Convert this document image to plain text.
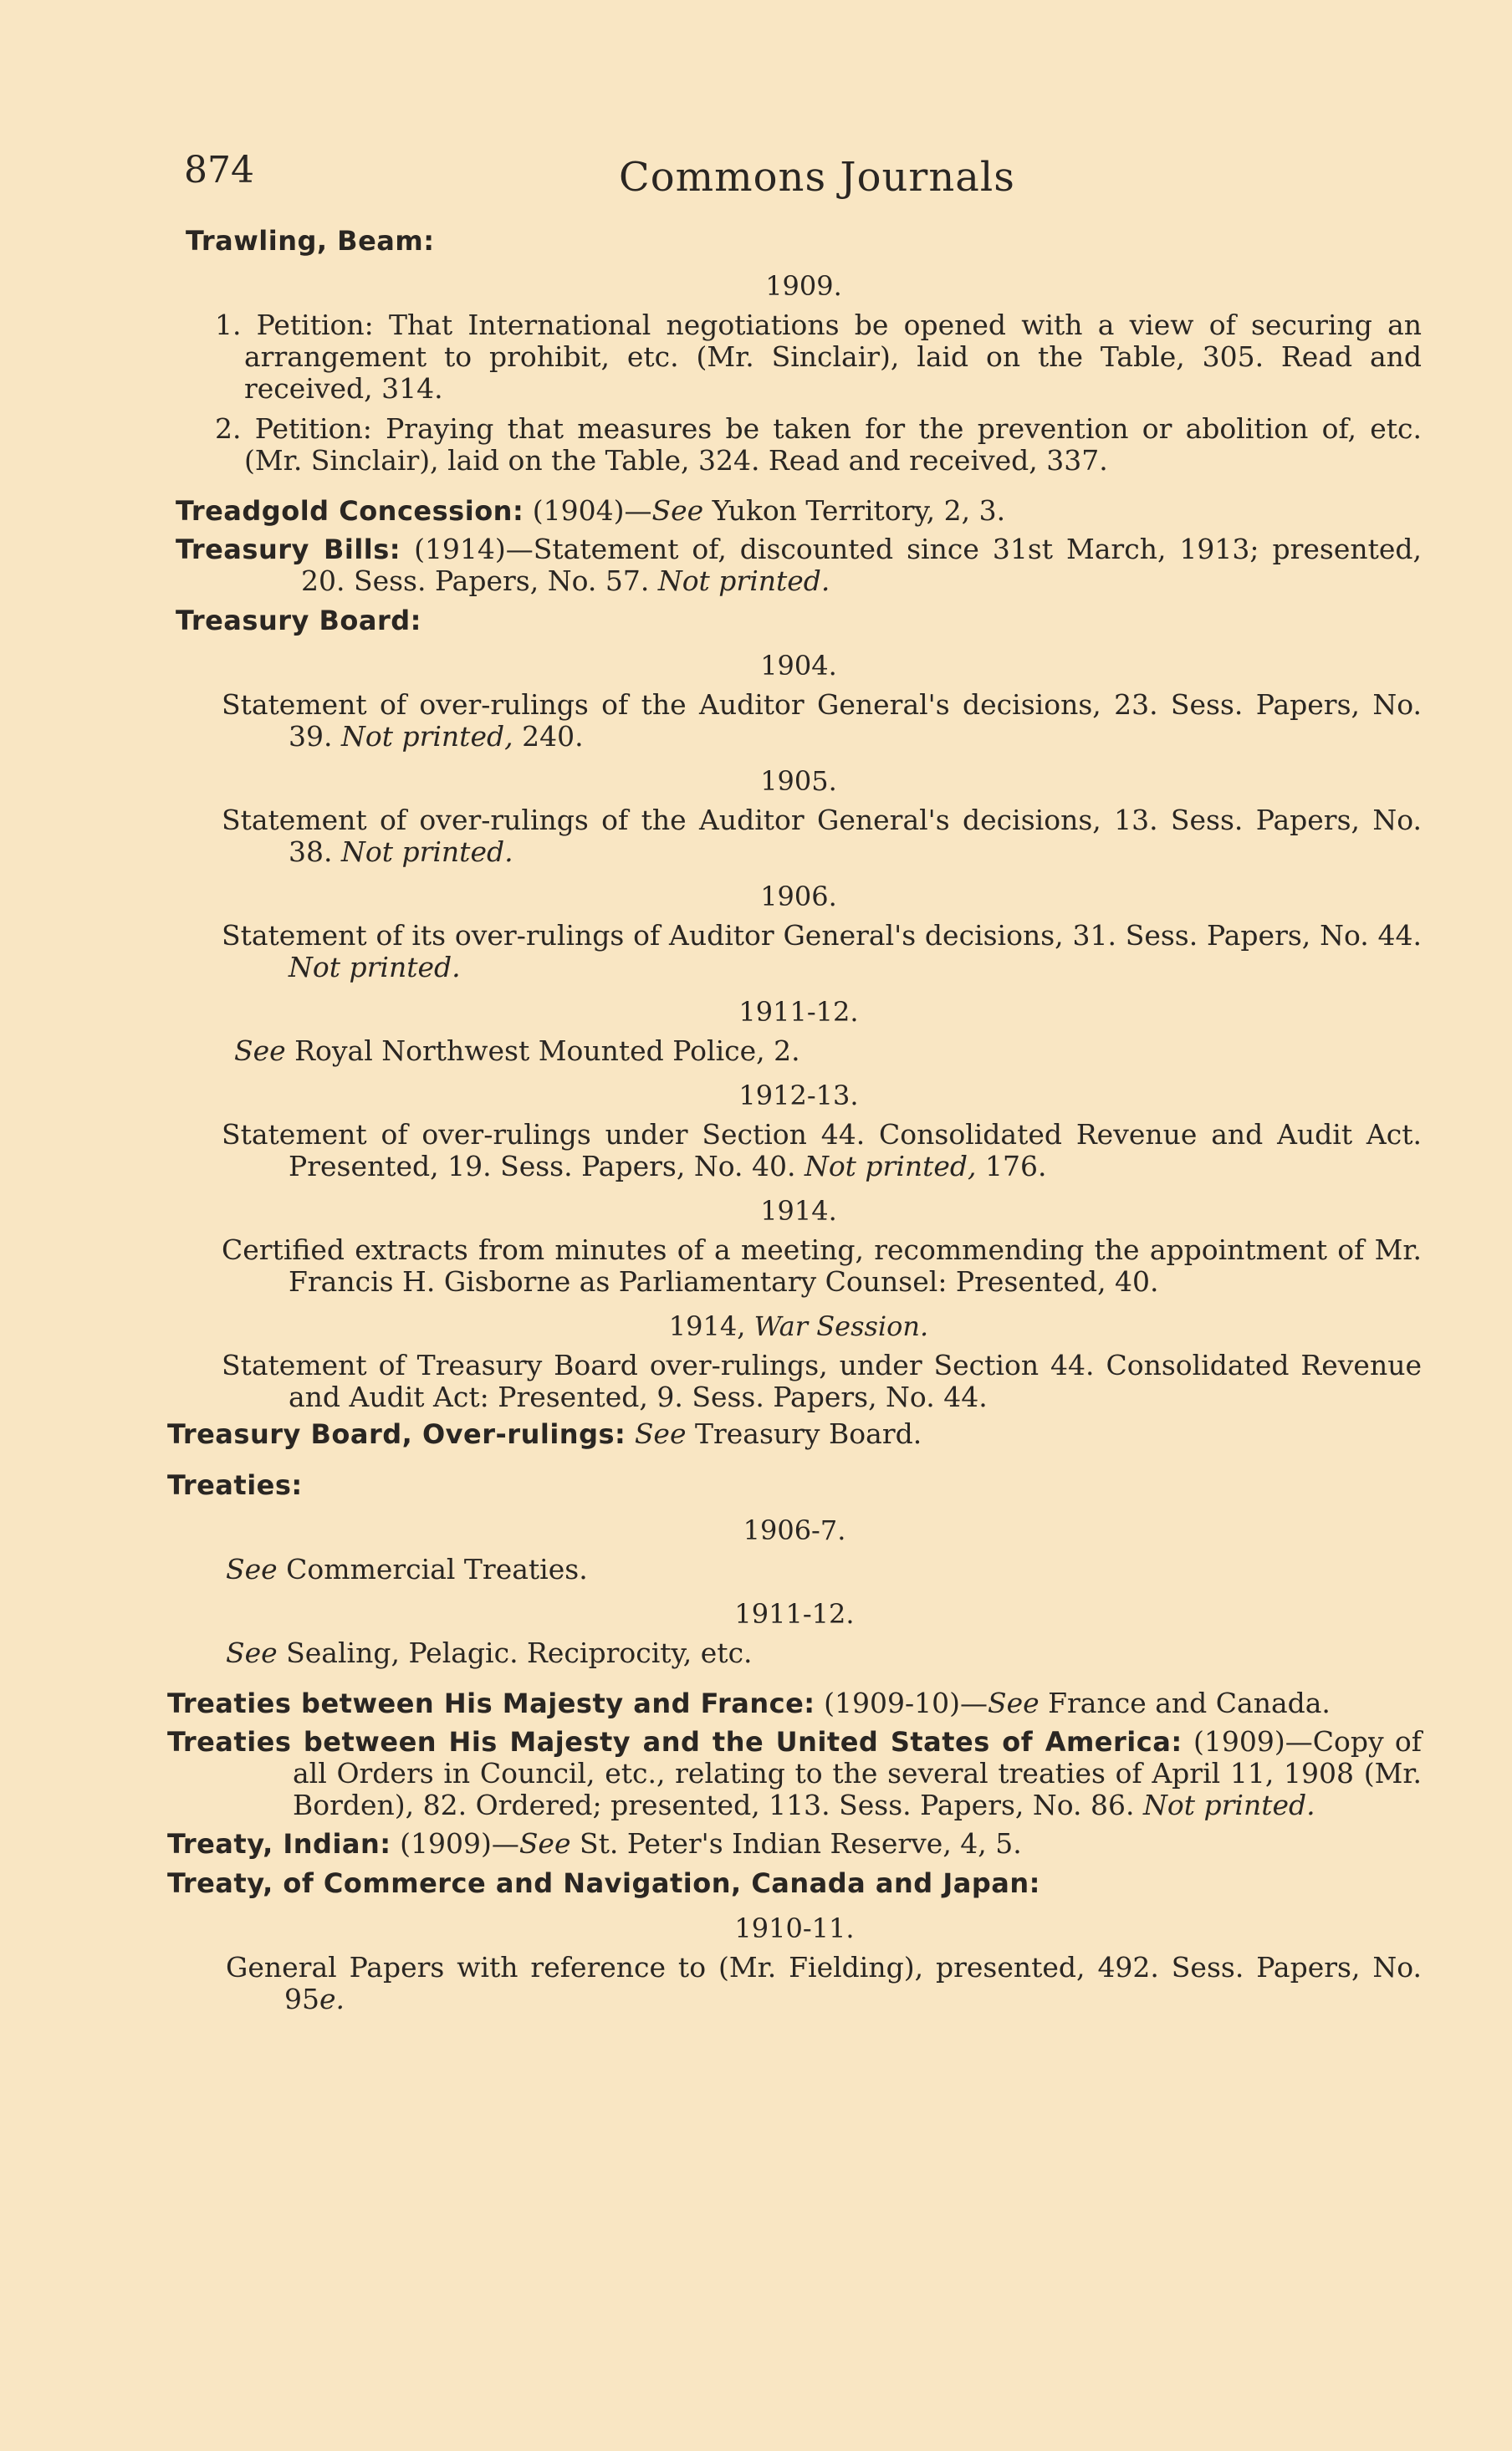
874	Commons Journals
Trawling, Beam:
1909.
1. Petition: That International negotiations be opened with a view of securing an arrangement to prohibit, etc. (Mr. Sinclair), laid on the Table, 305. Read and received, 314.
2. Petition: Praying that measures be taken for the prevention or abolition of, etc. (Mr. Sinclair), laid on the Table, 324. Read and received, 337.
Treadgold Concession: (1904)—See Yukon Territory, 2, 3.
Treasury Bills: (1914)—Statement of, discounted since 31st March, 1913; presented, 20. Sess. Papers, No. 57. Not printed.
Treasury Board:
1904.
Statement of over-rulings of the Auditor General's decisions, 23. Sess. Papers, No. 39. Not printed, 240.
1905.
Statement of over-rulings of the Auditor General's decisions, 13. Sess. Papers, No. 38. Not printed.
1906.
Statement of its over-rulings of Auditor General's decisions, 31. Sess. Papers, No. 44. Not printed.
1911-12.
See Royal Northwest Mounted Police, 2.
1912-13.
Statement of over-rulings under Section 44. Consolidated Revenue and Audit Act. Presented, 19. Sess. Papers, No. 40. Not printed, 176.
1914.
Certified extracts from minutes of a meeting, recommending the appointment of Mr. Francis H. Gisborne as Parliamentary Counsel: Presented, 40.
1914, War Session.
Statement of Treasury Board over-rulings, under Section 44. Consolidated Revenue and Audit Act: Presented, 9. Sess. Papers, No. 44.
Treasury Board, Over-rulings: See Treasury Board.
Treaties:
1906-7.
See Commercial Treaties.
1911-12.
See Sealing, Pelagic. Reciprocity, etc.
Treaties between His Majesty and France: (1909-10)—See France and Canada.
Treaties between His Majesty and the United States of America: (1909)—Copy of all Orders in Council, etc., relating to the several treaties of April 11, 1908 (Mr. Borden), 82. Ordered; presented, 113. Sess. Papers, No. 86. Not printed.
Treaty, Indian: (1909)—See St. Peter's Indian Reserve, 4, 5.
Treaty, of Commerce and Navigation, Canada and Japan:
1910-11.
General Papers with reference to (Mr. Fielding), presented, 492. Sess. Papers, No. 95e.
